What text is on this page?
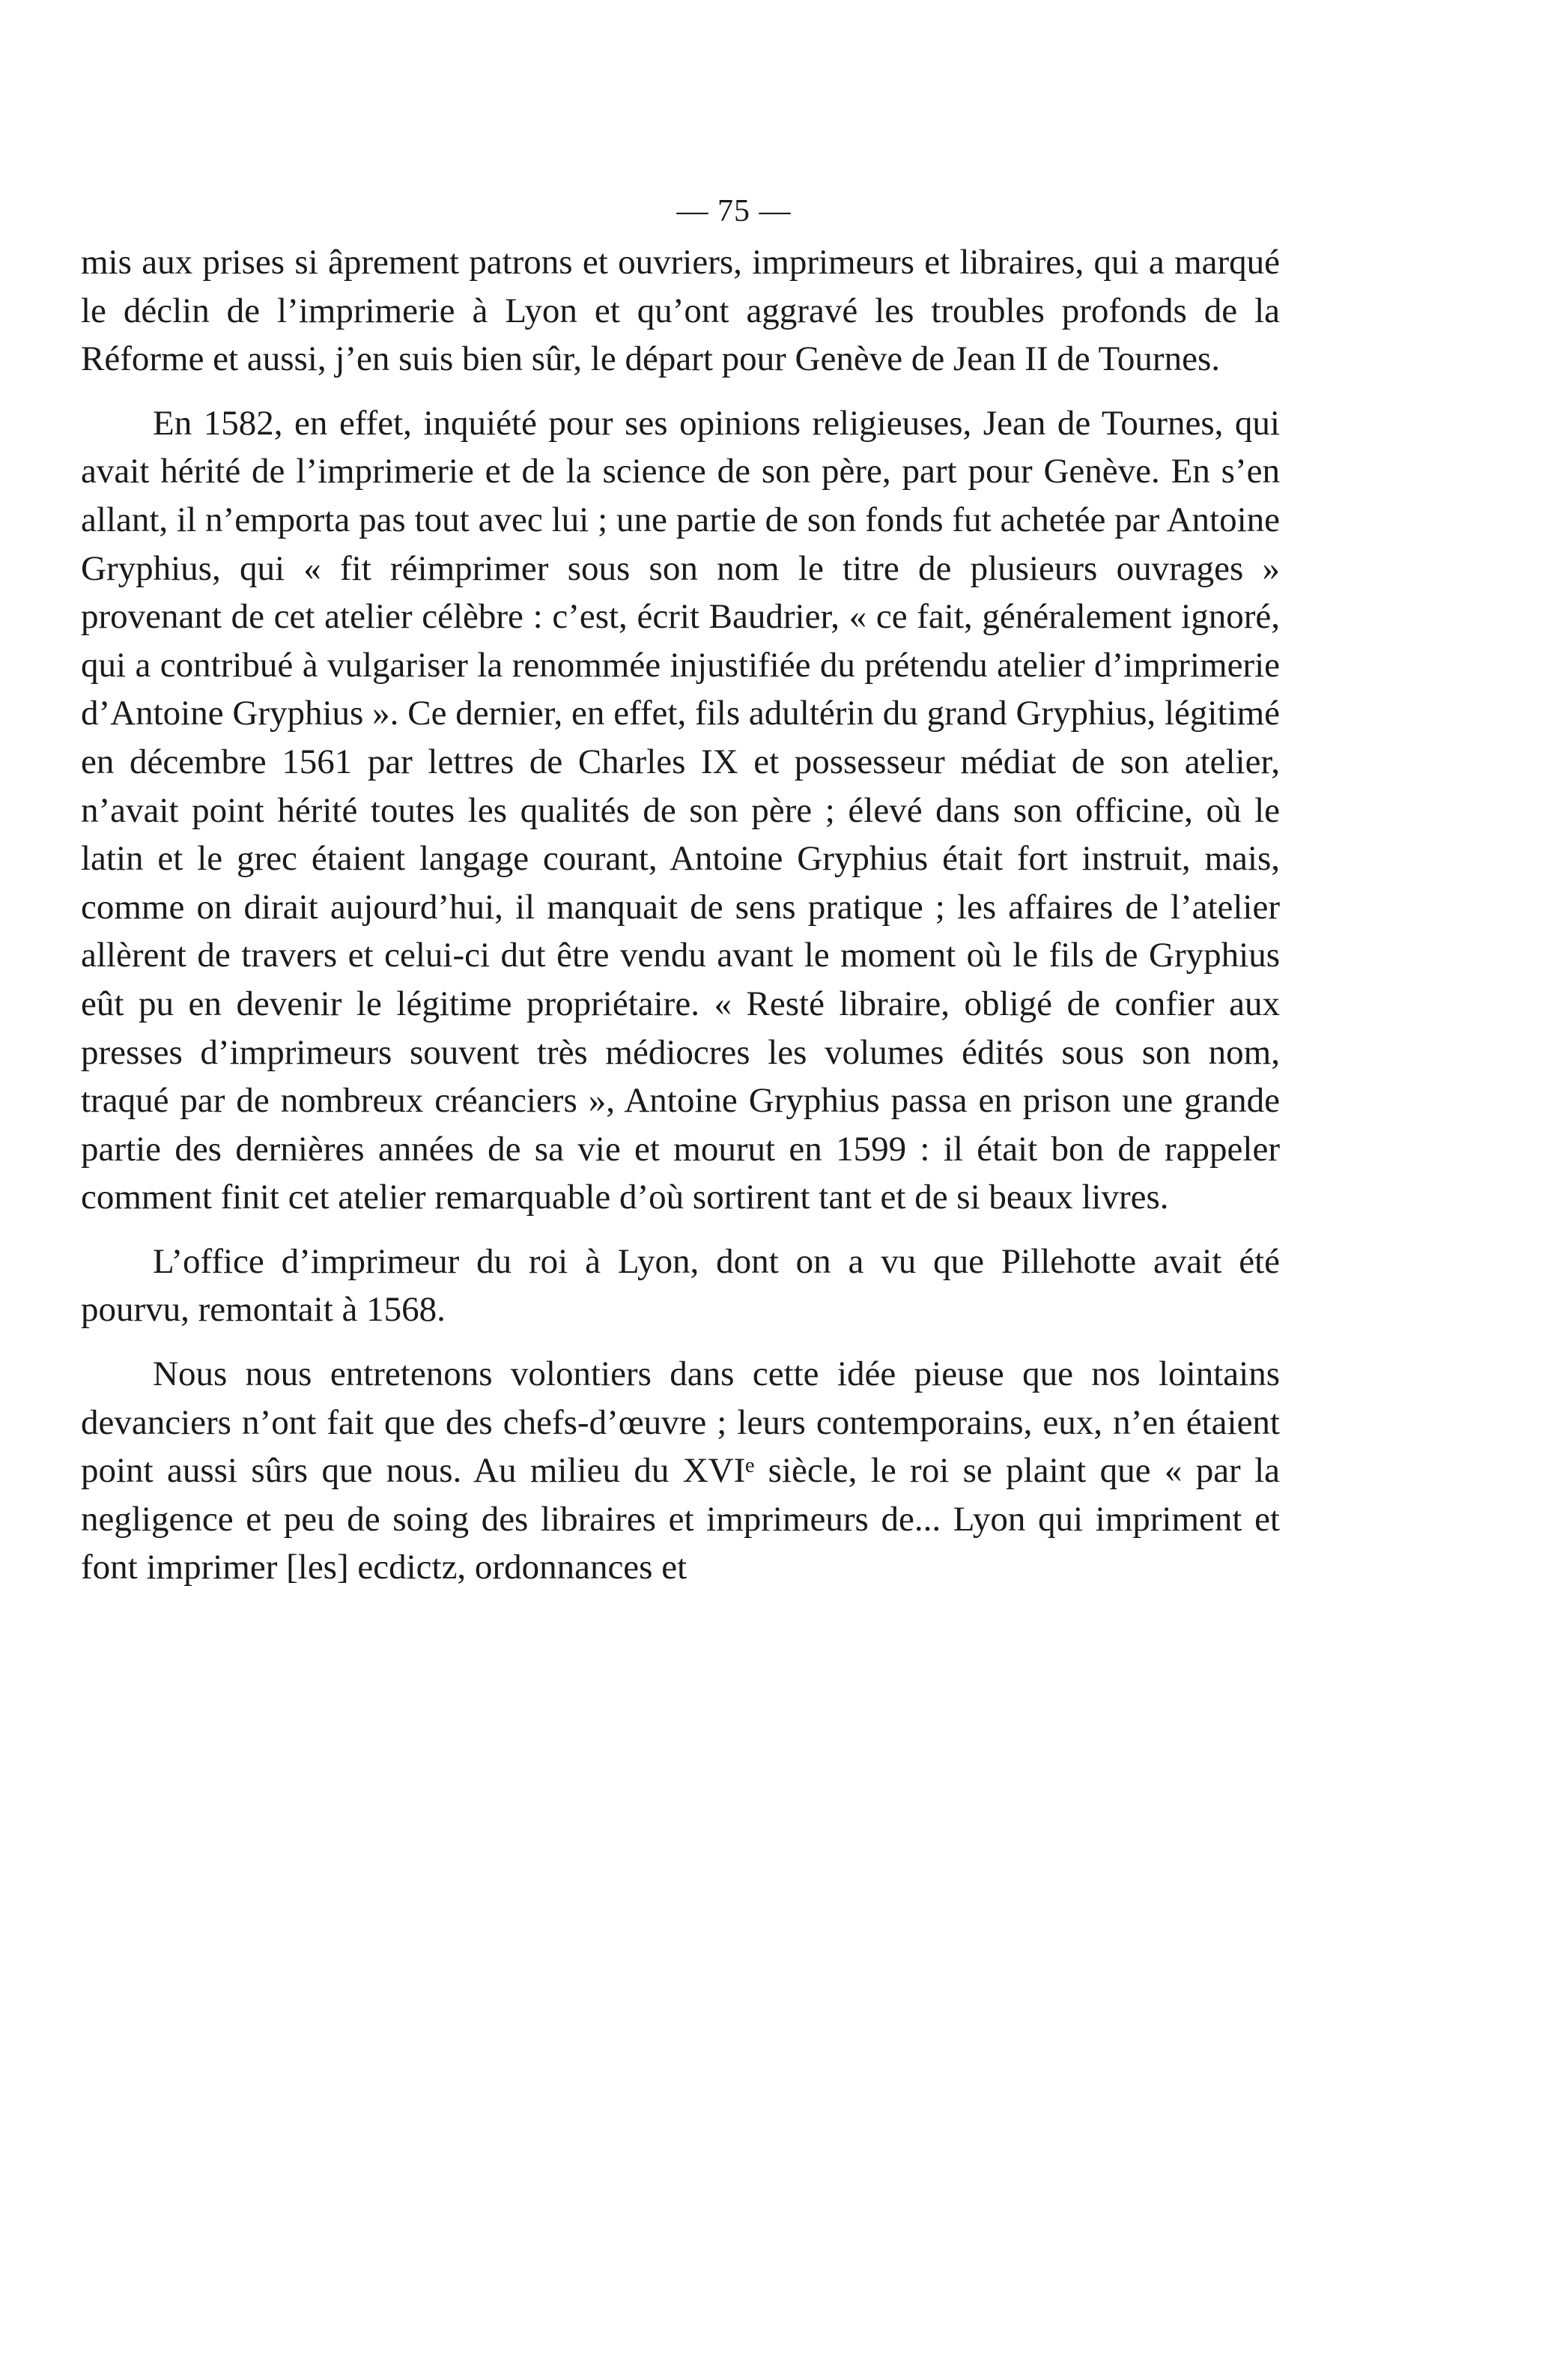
— 75 —

mis aux prises si âprement patrons et ouvriers, imprimeurs et libraires, qui a marqué le déclin de l’imprimerie à Lyon et qu’ont aggravé les troubles profonds de la Réforme et aussi, j’en suis bien sûr, le départ pour Genève de Jean II de Tournes.

En 1582, en effet, inquiété pour ses opinions religieuses, Jean de Tournes, qui avait hérité de l’imprimerie et de la science de son père, part pour Genève. En s’en allant, il n’emporta pas tout avec lui ; une partie de son fonds fut achetée par Antoine Gryphius, qui « fit réimprimer sous son nom le titre de plusieurs ouvrages » provenant de cet atelier célèbre : c’est, écrit Baudrier, « ce fait, généralement ignoré, qui a contribué à vulgariser la renommée injustifiée du prétendu atelier d’imprimerie d’Antoine Gryphius ». Ce dernier, en effet, fils adultérin du grand Gryphius, légitimé en décembre 1561 par lettres de Charles IX et possesseur médiat de son atelier, n’avait point hérité toutes les qualités de son père ; élevé dans son officine, où le latin et le grec étaient langage courant, Antoine Gryphius était fort instruit, mais, comme on dirait aujourd’hui, il manquait de sens pratique ; les affaires de l’atelier allèrent de travers et celui-ci dut être vendu avant le moment où le fils de Gryphius eût pu en devenir le légitime propriétaire. « Resté libraire, obligé de confier aux presses d’imprimeurs souvent très médiocres les volumes édités sous son nom, traqué par de nombreux créanciers », Antoine Gryphius passa en prison une grande partie des dernières années de sa vie et mourut en 1599 : il était bon de rappeler comment finit cet atelier remarquable d’où sortirent tant et de si beaux livres.

L’office d’imprimeur du roi à Lyon, dont on a vu que Pillehotte avait été pourvu, remontait à 1568.

Nous nous entretenons volontiers dans cette idée pieuse que nos lointains devanciers n’ont fait que des chefs-d’œuvre ; leurs contemporains, eux, n’en étaient point aussi sûrs que nous. Au milieu du XVIᵉ siècle, le roi se plaint que « par la negligence et peu de soing des libraires et imprimeurs de... Lyon qui impriment et font imprimer [les] ecdictz, ordonnances et
